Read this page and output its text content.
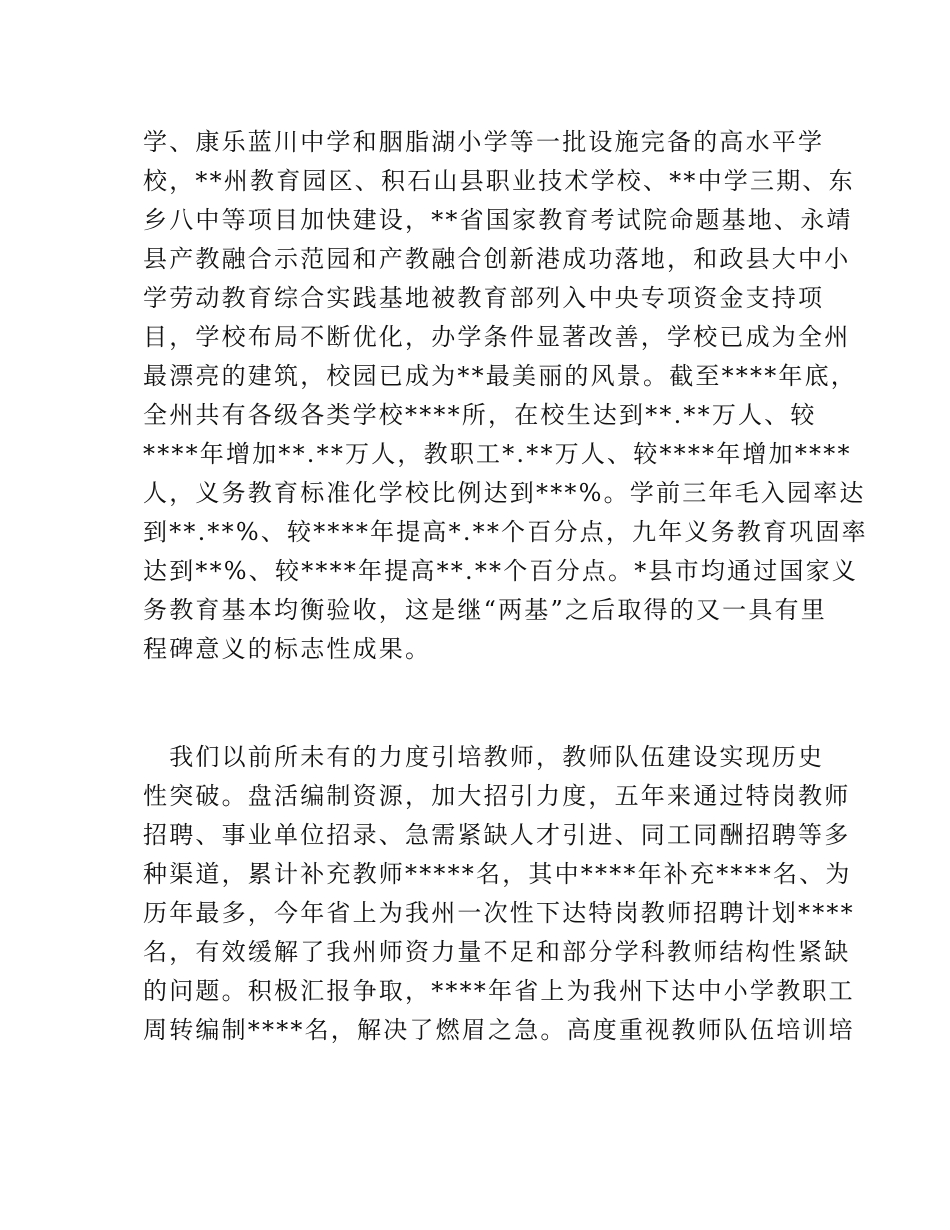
学、康乐蓝川中学和胭脂湖小学等一批设施完备的高水平学
校，**州教育园区、积石山县职业技术学校、**中学三期、东
乡八中等项目加快建设，**省国家教育考试院命题基地、永靖
县产教融合示范园和产教融合创新港成功落地，和政县大中小
学劳动教育综合实践基地被教育部列入中央专项资金支持项
目，学校布局不断优化，办学条件显著改善，学校已成为全州
最漂亮的建筑，校园已成为**最美丽的风景。截至****年底，
全州共有各级各类学校****所，在校生达到**.**万人、较
****年增加**.**万人，教职工*.**万人、较****年增加****
人，义务教育标准化学校比例达到***%。学前三年毛入园率达
到**.**%、较****年提高*.**个百分点，九年义务教育巩固率
达到**%、较****年提高**.**个百分点。*县市均通过国家义
务教育基本均衡验收，这是继“两基”之后取得的又一具有里
程碑意义的标志性成果。
　我们以前所未有的力度引培教师，教师队伍建设实现历史
性突破。盘活编制资源，加大招引力度，五年来通过特岗教师
招聘、事业单位招录、急需紧缺人才引进、同工同酬招聘等多
种渠道，累计补充教师*****名，其中****年补充****名、为
历年最多，今年省上为我州一次性下达特岗教师招聘计划****
名，有效缓解了我州师资力量不足和部分学科教师结构性紧缺
的问题。积极汇报争取，****年省上为我州下达中小学教职工
周转编制****名，解决了燃眉之急。高度重视教师队伍培训培
